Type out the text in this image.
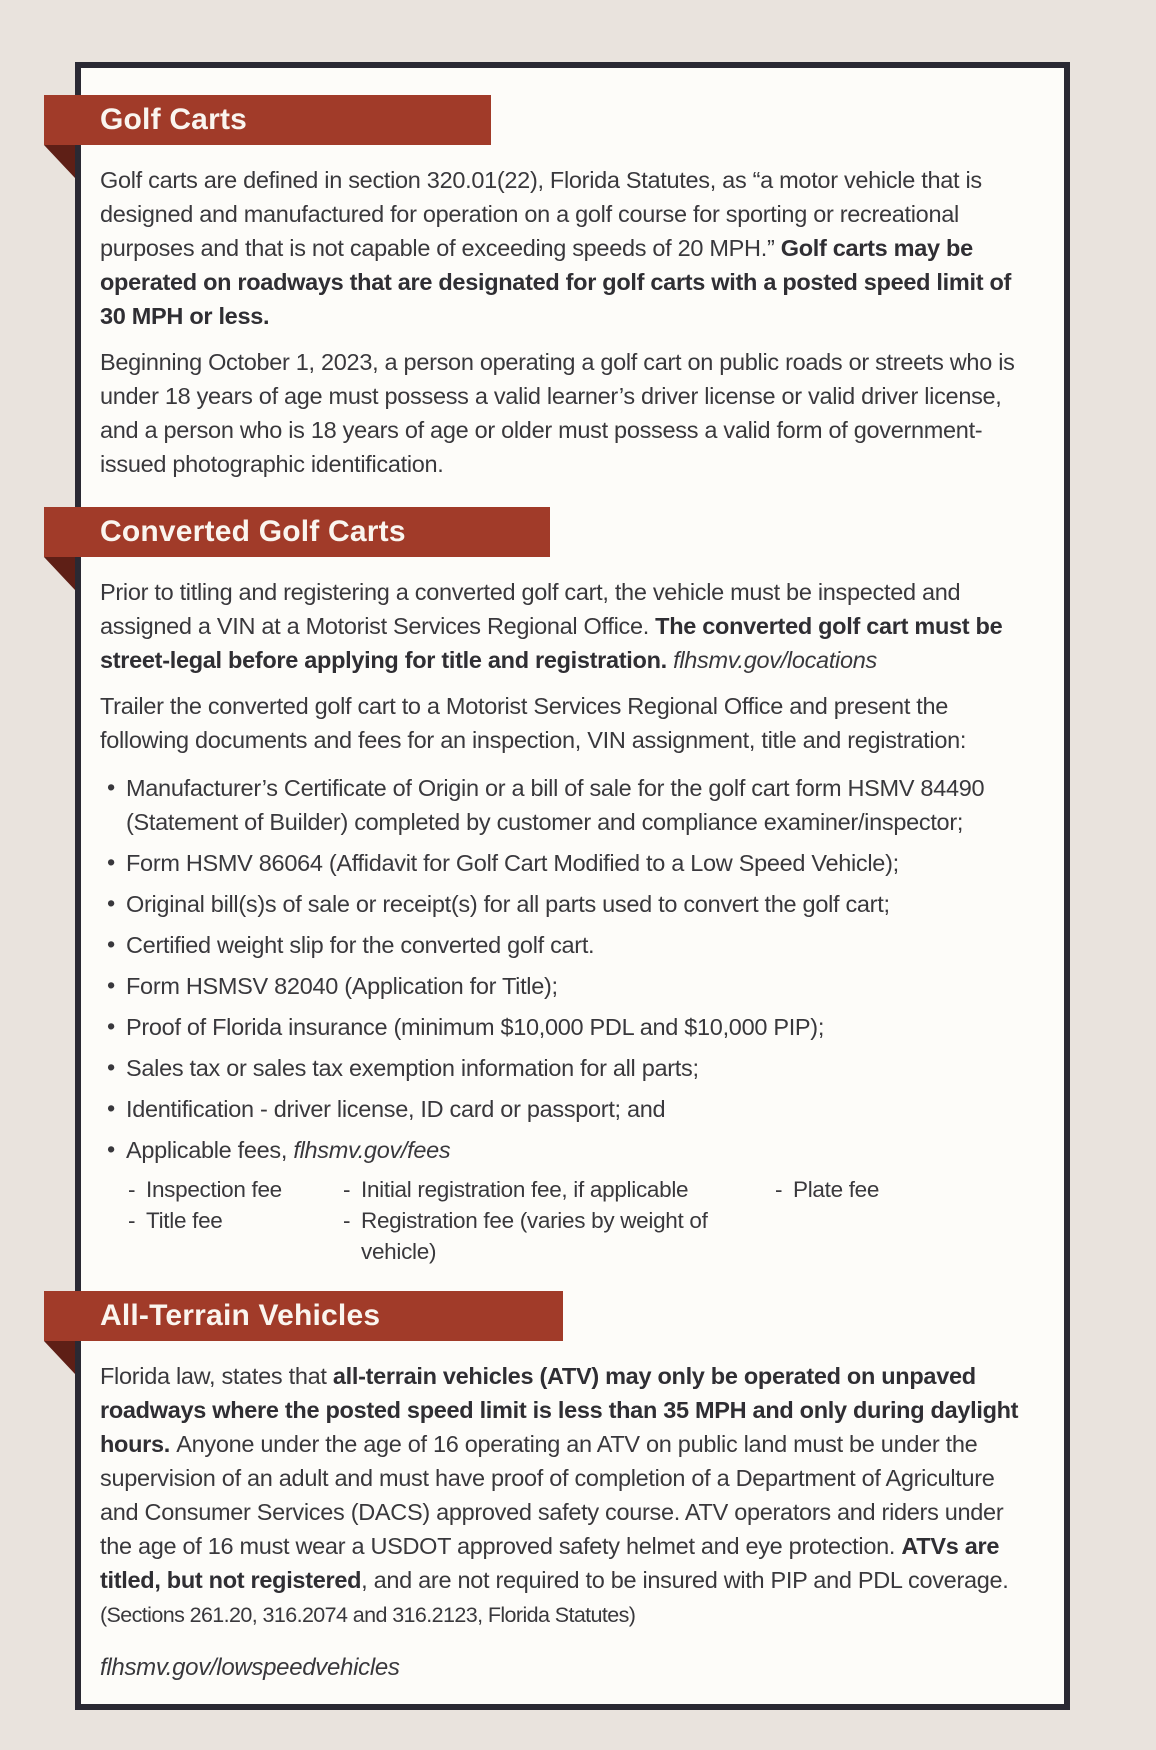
Golf Carts

Golf carts are defined in section 320.01(22), Florida Statutes, as “a motor vehicle that is designed and manufactured for operation on a golf course for sporting or recreational purposes and that is not capable of exceeding speeds of 20 MPH.” Golf carts may be operated on roadways that are designated for golf carts with a posted speed limit of 30 MPH or less.

Beginning October 1, 2023, a person operating a golf cart on public roads or streets who is under 18 years of age must possess a valid learner’s driver license or valid driver license, and a person who is 18 years of age or older must possess a valid form of government-issued photographic identification.

Converted Golf Carts

Prior to titling and registering a converted golf cart, the vehicle must be inspected and assigned a VIN at a Motorist Services Regional Office. The converted golf cart must be street-legal before applying for title and registration. flhsmv.gov/locations

Trailer the converted golf cart to a Motorist Services Regional Office and present the following documents and fees for an inspection, VIN assignment, title and registration:

• Manufacturer’s Certificate of Origin or a bill of sale for the golf cart form HSMV 84490 (Statement of Builder) completed by customer and compliance examiner/inspector;
• Form HSMV 86064 (Affidavit for Golf Cart Modified to a Low Speed Vehicle);
• Original bill(s)s of sale or receipt(s) for all parts used to convert the golf cart;
• Certified weight slip for the converted golf cart.
• Form HSMSV 82040 (Application for Title);
• Proof of Florida insurance (minimum $10,000 PDL and $10,000 PIP);
• Sales tax or sales tax exemption information for all parts;
• Identification - driver license, ID card or passport; and
• Applicable fees, flhsmv.gov/fees
- Inspection fee
- Title fee
- Initial registration fee, if applicable
- Registration fee (varies by weight of vehicle)
- Plate fee
All-Terrain Vehicles

Florida law, states that all-terrain vehicles (ATV) may only be operated on unpaved roadways where the posted speed limit is less than 35 MPH and only during daylight hours. Anyone under the age of 16 operating an ATV on public land must be under the supervision of an adult and must have proof of completion of a Department of Agriculture and Consumer Services (DACS) approved safety course. ATV operators and riders under the age of 16 must wear a USDOT approved safety helmet and eye protection. ATVs are titled, but not registered, and are not required to be insured with PIP and PDL coverage. (Sections 261.20, 316.2074 and 316.2123, Florida Statutes)

flhsmv.gov/lowspeedvehicles
